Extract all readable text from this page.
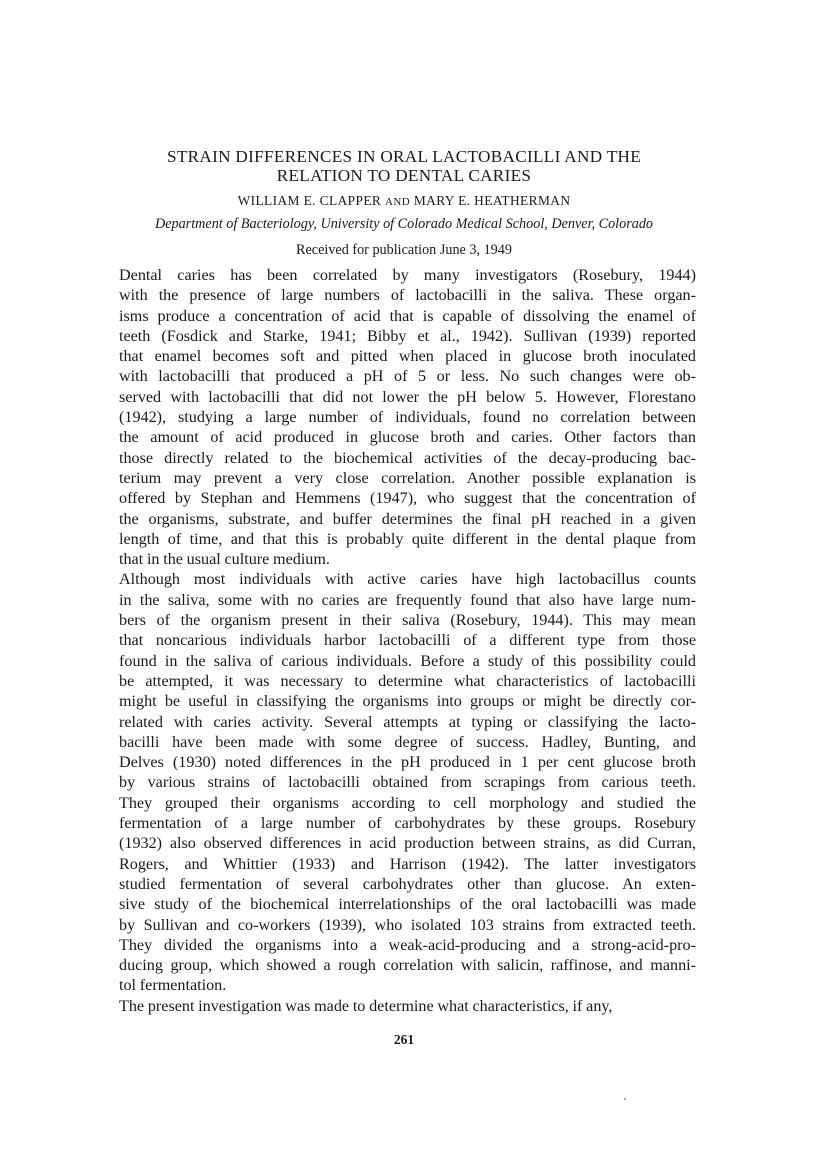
STRAIN DIFFERENCES IN ORAL LACTOBACILLI AND THE
RELATION TO DENTAL CARIES
WILLIAM E. CLAPPER AND MARY E. HEATHERMAN
Department of Bacteriology, University of Colorado Medical School, Denver, Colorado
Received for publication June 3, 1949

Dental caries has been correlated by many investigators (Rosebury, 1944)
with the presence of large numbers of lactobacilli in the saliva. These organ-
isms produce a concentration of acid that is capable of dissolving the enamel of
teeth (Fosdick and Starke, 1941; Bibby et al., 1942). Sullivan (1939) reported
that enamel becomes soft and pitted when placed in glucose broth inoculated
with lactobacilli that produced a pH of 5 or less. No such changes were ob-
served with lactobacilli that did not lower the pH below 5. However, Florestano
(1942), studying a large number of individuals, found no correlation between
the amount of acid produced in glucose broth and caries. Other factors than
those directly related to the biochemical activities of the decay-producing bac-
terium may prevent a very close correlation. Another possible explanation is
offered by Stephan and Hemmens (1947), who suggest that the concentration of
the organisms, substrate, and buffer determines the final pH reached in a given
length of time, and that this is probably quite different in the dental plaque from
that in the usual culture medium.

Although most individuals with active caries have high lactobacillus counts
in the saliva, some with no caries are frequently found that also have large num-
bers of the organism present in their saliva (Rosebury, 1944). This may mean
that noncarious individuals harbor lactobacilli of a different type from those
found in the saliva of carious individuals. Before a study of this possibility could
be attempted, it was necessary to determine what characteristics of lactobacilli
might be useful in classifying the organisms into groups or might be directly cor-
related with caries activity. Several attempts at typing or classifying the lacto-
bacilli have been made with some degree of success. Hadley, Bunting, and
Delves (1930) noted differences in the pH produced in 1 per cent glucose broth
by various strains of lactobacilli obtained from scrapings from carious teeth.
They grouped their organisms according to cell morphology and studied the
fermentation of a large number of carbohydrates by these groups. Rosebury
(1932) also observed differences in acid production between strains, as did Curran,
Rogers, and Whittier (1933) and Harrison (1942). The latter investigators
studied fermentation of several carbohydrates other than glucose. An exten-
sive study of the biochemical interrelationships of the oral lactobacilli was made
by Sullivan and co-workers (1939), who isolated 103 strains from extracted teeth.
They divided the organisms into a weak-acid-producing and a strong-acid-pro-
ducing group, which showed a rough correlation with salicin, raffinose, and manni-
tol fermentation.

The present investigation was made to determine what characteristics, if any,

261
